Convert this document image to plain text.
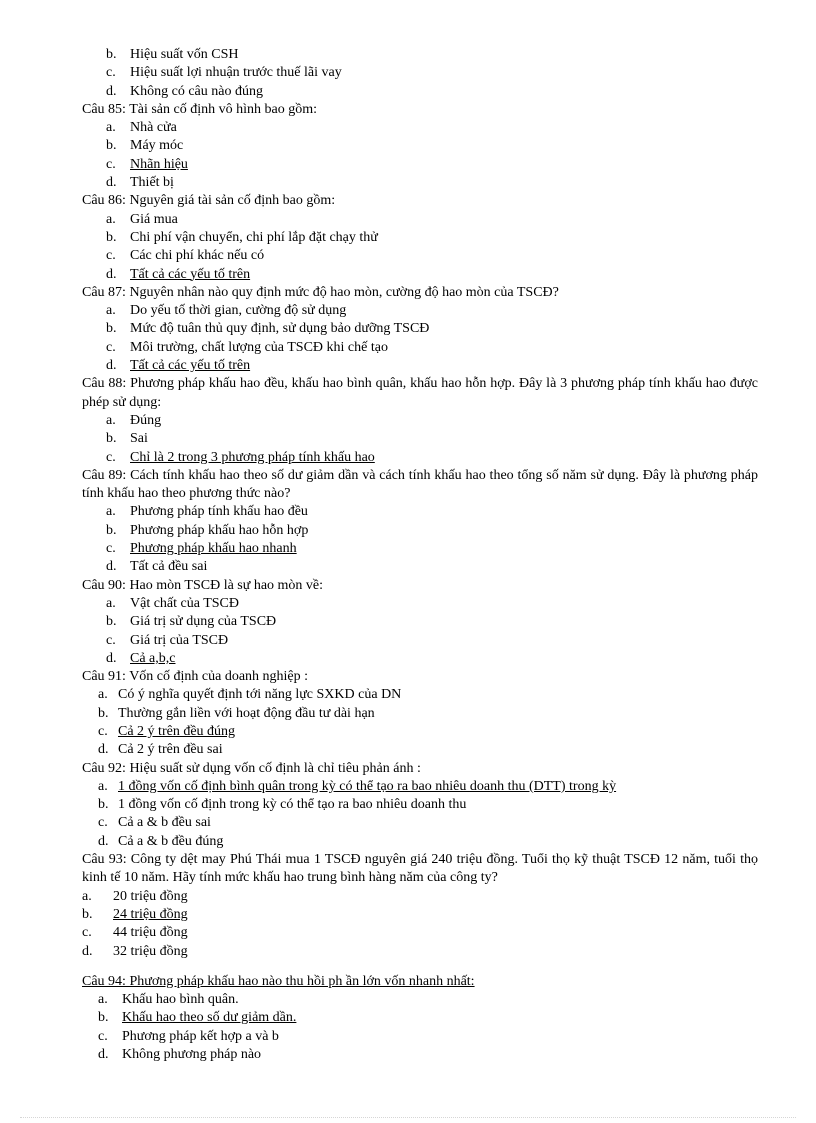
b. Hiệu suất vốn CSH
c.	Hiệu suất lợi nhuận trước thuế lãi vay
d. Không có câu nào đúng
Câu 85: Tài sản cố định vô hình bao gồm:
a.	Nhà cửa
b. Máy móc
c.	Nhãn hiệu
d. Thiết bị
Câu 86: Nguyên giá tài sản cố định bao gồm:
a.	Giá mua
b. Chi phí vận chuyển, chi phí lắp đặt chạy thử
c.	Các chi phí khác nếu có
d. Tất cả các yếu tố trên
Câu 87: Nguyên nhân nào quy định mức độ hao mòn, cường độ hao mòn của TSCĐ?
a.	Do yếu tố thời gian, cường độ sử dụng
b. Mức độ tuân thủ quy định, sử dụng bảo dưỡng TSCĐ
c.	Môi trường, chất lượng của TSCĐ khi chế tạo
d. Tất cả các yếu tố trên
Câu 88: Phương pháp khấu hao đều, khấu hao bình quân, khấu hao hỗn hợp. Đây là 3 phương pháp tính khấu hao được phép sử dụng:
a.	Đúng
b. Sai
c.	Chỉ là 2 trong 3 phương pháp tính khấu hao
Câu 89: Cách tính khấu hao theo số dư giảm dần và cách tính khấu hao theo tổng số năm sử dụng. Đây là phương pháp tính khấu hao theo phương thức nào?
a.	Phương pháp tính khấu hao đều
b. Phương pháp khấu hao hỗn hợp
c.	Phương pháp khấu hao nhanh
d. Tất cả đều sai
Câu 90: Hao mòn TSCĐ là sự hao mòn về:
a.	Vật chất của TSCĐ
b. Giá trị sử dụng của TSCĐ
c.	Giá trị của TSCĐ
d. Cả a,b,c
Câu 91: Vốn cố định của doanh nghiệp :
a. Có ý nghĩa quyết định tới năng lực SXKD của DN
b. Thường gắn liền với hoạt động đầu tư dài hạn
c. Cả 2 ý trên đều đúng
d. Cả 2 ý trên đều sai
Câu 92: Hiệu suất sử dụng vốn cố định là chỉ tiêu phản ánh :
a. 1 đồng vốn cố định bình quân trong kỳ có thể tạo ra bao nhiêu doanh thu (DTT) trong kỳ
b. 1 đồng vốn cố định trong kỳ có thể tạo ra bao nhiêu doanh thu
c. Cả a & b đều sai
d. Cả a & b đều đúng
Câu 93: Công ty dệt may Phú Thái mua 1 TSCĐ nguyên giá 240 triệu đồng. Tuổi thọ kỹ thuật TSCĐ 12 năm, tuổi thọ kinh tế 10 năm. Hãy tính mức khấu hao trung bình hàng năm của công ty?
a.	20 triệu đồng
b.	24 triệu đồng
c.	44 triệu đồng
d.	32 triệu đồng
Câu 94: Phương pháp khấu hao nào thu hồi ph ần lớn vốn nhanh nhất:
a.	Khấu hao bình quân.
b. Khấu hao theo số dư giảm dần.
c.	Phương pháp kết hợp a và b
d. Không phương pháp nào
